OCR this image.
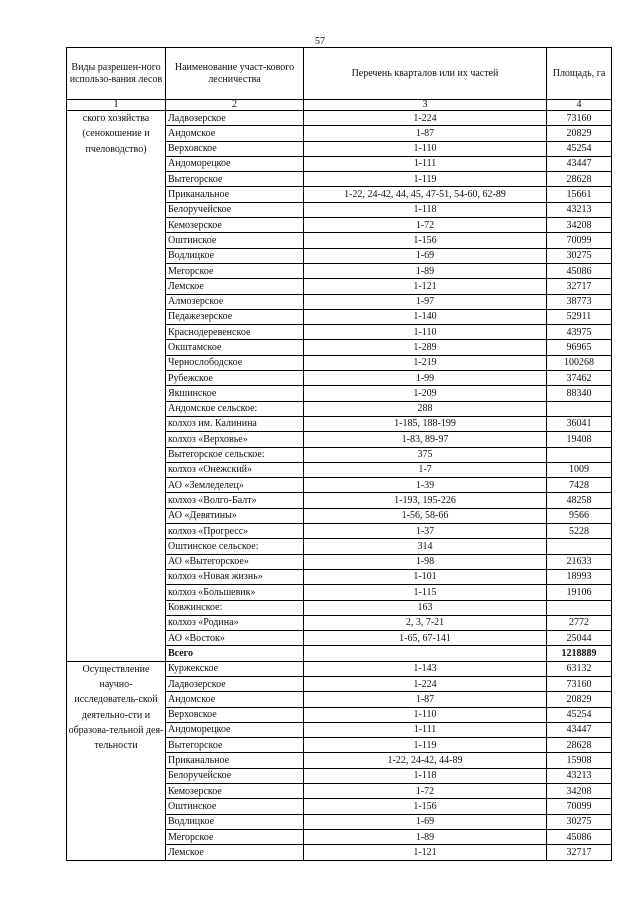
57
Виды разрешен-ного использо-вания лесов	Наименование участ-кового лесничества	Перечень кварталов или их частей	Площадь, га
1	2	3	4
ского хозяйства (сенокошение и пчеловодство)	Ладвозерское	1-224	73160
	Андомское	1-87	20829
	Верховское	1-110	45254
	Андоморецкое	1-111	43447
	Вытегорское	1-119	28628
	Приканальное	1-22, 24-42, 44, 45, 47-51, 54-60, 62-89	15661
	Белоручейское	1-118	43213
	Кемозерское	1-72	34208
	Оштинское	1-156	70099
	Водлицкое	1-69	30275
	Мегорское	1-89	45086
	Лемское	1-121	32717
	Алмозерское	1-97	38773
	Педажезерское	1-140	52911
	Краснодеревенское	1-110	43975
	Окштамское	1-289	96965
	Чернослободское	1-219	100268
	Рубежское	1-99	37462
	Якшинское	1-209	88340
	Андомское сельское:	288	
	колхоз им. Калинина	1-185, 188-199	36041
	колхоз «Верховье»	1-83, 89-97	19408
	Вытегорское сельское:	375	
	колхоз «Онежский»	1-7	1009
	АО «Земледелец»	1-39	7428
	колхоз «Волго-Балт»	1-193, 195-226	48258
	АО «Девятины»	1-56, 58-66	9566
	колхоз «Прогресс»	1-37	5228
	Оштинское сельское:	314	
	АО «Вытегорское»	1-98	21633
	колхоз «Новая жизнь»	1-101	18993
	колхоз «Большевик»	1-115	19106
	Ковжинское:	163	
	колхоз «Родина»	2, 3, 7-21	2772
	АО «Восток»	1-65, 67-141	25044
	Всего		1218889
Осуществление научно-исследователь-ской деятельно-сти и образова-тельной дея-тельности	Куржекское	1-143	63132
	Ладвозерское	1-224	73160
	Андомское	1-87	20829
	Верховское	1-110	45254
	Андоморецкое	1-111	43447
	Вытегорское	1-119	28628
	Приканальное	1-22, 24-42, 44-89	15908
	Белоручейское	1-118	43213
	Кемозерское	1-72	34208
	Оштинское	1-156	70099
	Водлицкое	1-69	30275
	Мегорское	1-89	45086
	Лемское	1-121	32717
